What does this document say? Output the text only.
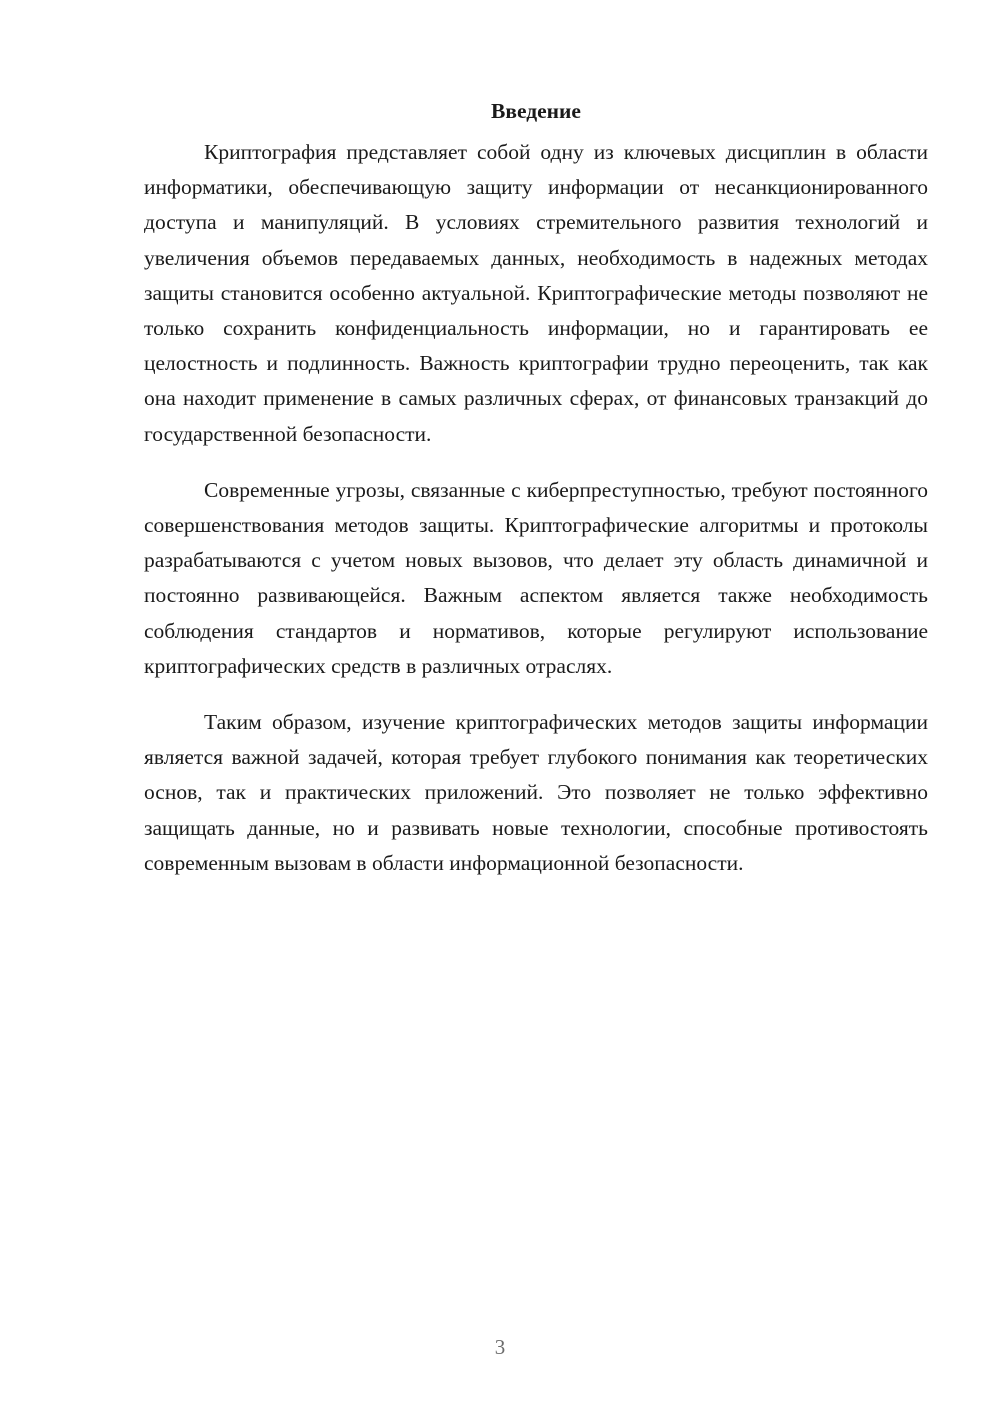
Введение

Криптография представляет собой одну из ключевых дисциплин в области информатики, обеспечивающую защиту информации от несанкционированного доступа и манипуляций. В условиях стремительного развития технологий и увеличения объемов передаваемых данных, необходимость в надежных методах защиты становится особенно актуальной. Криптографические методы позволяют не только сохранить конфиденциальность информации, но и гарантировать ее целостность и подлинность. Важность криптографии трудно переоценить, так как она находит применение в самых различных сферах, от финансовых транзакций до государственной безопасности.

Современные угрозы, связанные с киберпреступностью, требуют постоянного совершенствования методов защиты. Криптографические алгоритмы и протоколы разрабатываются с учетом новых вызовов, что делает эту область динамичной и постоянно развивающейся. Важным аспектом является также необходимость соблюдения стандартов и нормативов, которые регулируют использование криптографических средств в различных отраслях.

Таким образом, изучение криптографических методов защиты информации является важной задачей, которая требует глубокого понимания как теоретических основ, так и практических приложений. Это позволяет не только эффективно защищать данные, но и развивать новые технологии, способные противостоять современным вызовам в области информационной безопасности.

3
